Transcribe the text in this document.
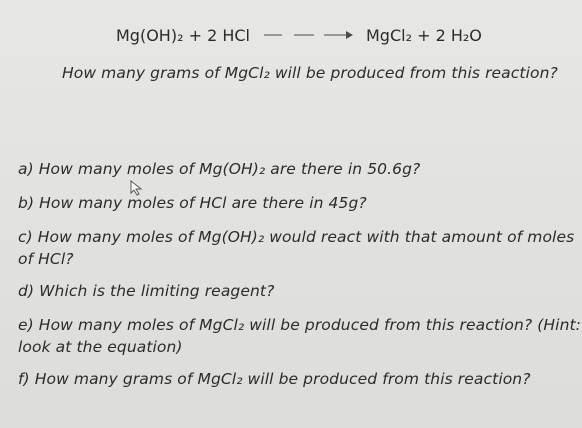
Mg(OH)₂ + 2 HCl	MgCl₂ + 2 H₂O
How many grams of MgCl₂ will be produced from this reaction?
a) How many moles of Mg(OH)₂ are there in 50.6g?
b) How many moles of HCl are there in 45g?
c) How many moles of Mg(OH)₂ would react with that amount of moles
of HCl?
d) Which is the limiting reagent?
e) How many moles of MgCl₂ will be produced from this reaction? (Hint:
look at the equation)
f) How many grams of MgCl₂ will be produced from this reaction?
